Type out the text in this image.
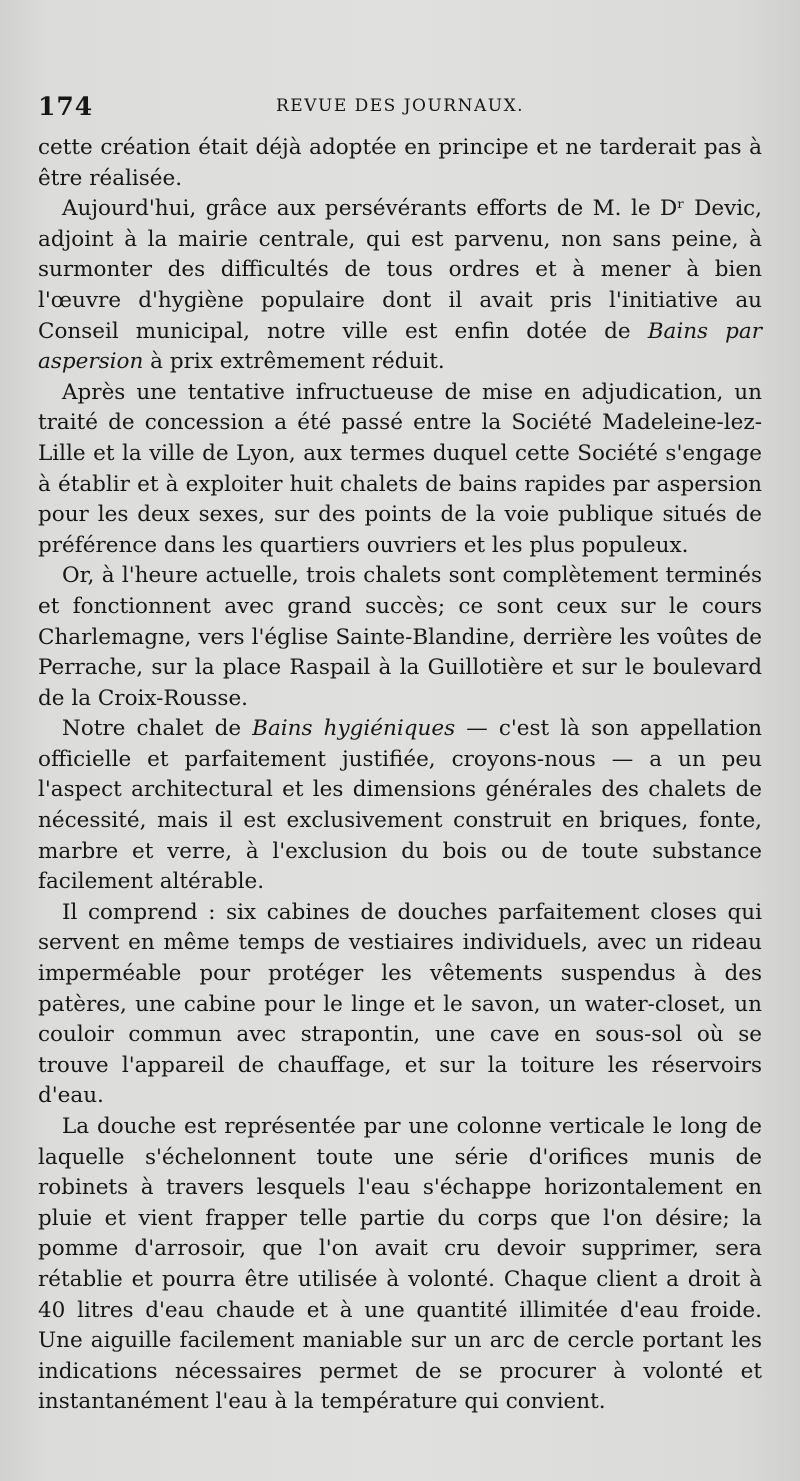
174	REVUE DES JOURNAUX.

cette création était déjà adoptée en principe et ne tarderait pas à être réalisée.

Aujourd'hui, grâce aux persévérants efforts de M. le Dʳ Devic, adjoint à la mairie centrale, qui est parvenu, non sans peine, à surmonter des difficultés de tous ordres et à mener à bien l'œuvre d'hygiène populaire dont il avait pris l'initiative au Conseil municipal, notre ville est enfin dotée de Bains par aspersion à prix extrêmement réduit.

Après une tentative infructueuse de mise en adjudication, un traité de concession a été passé entre la Société Madeleine-lez-Lille et la ville de Lyon, aux termes duquel cette Société s'engage à établir et à exploiter huit chalets de bains rapides par aspersion pour les deux sexes, sur des points de la voie publique situés de préférence dans les quartiers ouvriers et les plus populeux.

Or, à l'heure actuelle, trois chalets sont complètement terminés et fonctionnent avec grand succès; ce sont ceux sur le cours Charlemagne, vers l'église Sainte-Blandine, derrière les voûtes de Perrache, sur la place Raspail à la Guillotière et sur le boulevard de la Croix-Rousse.

Notre chalet de Bains hygiéniques — c'est là son appellation officielle et parfaitement justifiée, croyons-nous — a un peu l'aspect architectural et les dimensions générales des chalets de nécessité, mais il est exclusivement construit en briques, fonte, marbre et verre, à l'exclusion du bois ou de toute substance facilement altérable.

Il comprend : six cabines de douches parfaitement closes qui servent en même temps de vestiaires individuels, avec un rideau imperméable pour protéger les vêtements suspendus à des patères, une cabine pour le linge et le savon, un water-closet, un couloir commun avec strapontin, une cave en sous-sol où se trouve l'appareil de chauffage, et sur la toiture les réservoirs d'eau.

La douche est représentée par une colonne verticale le long de laquelle s'échelonnent toute une série d'orifices munis de robinets à travers lesquels l'eau s'échappe horizontalement en pluie et vient frapper telle partie du corps que l'on désire; la pomme d'arrosoir, que l'on avait cru devoir supprimer, sera rétablie et pourra être utilisée à volonté. Chaque client a droit à 40 litres d'eau chaude et à une quantité illimitée d'eau froide. Une aiguille facilement maniable sur un arc de cercle portant les indications nécessaires permet de se procurer à volonté et instantanément l'eau à la température qui convient.
